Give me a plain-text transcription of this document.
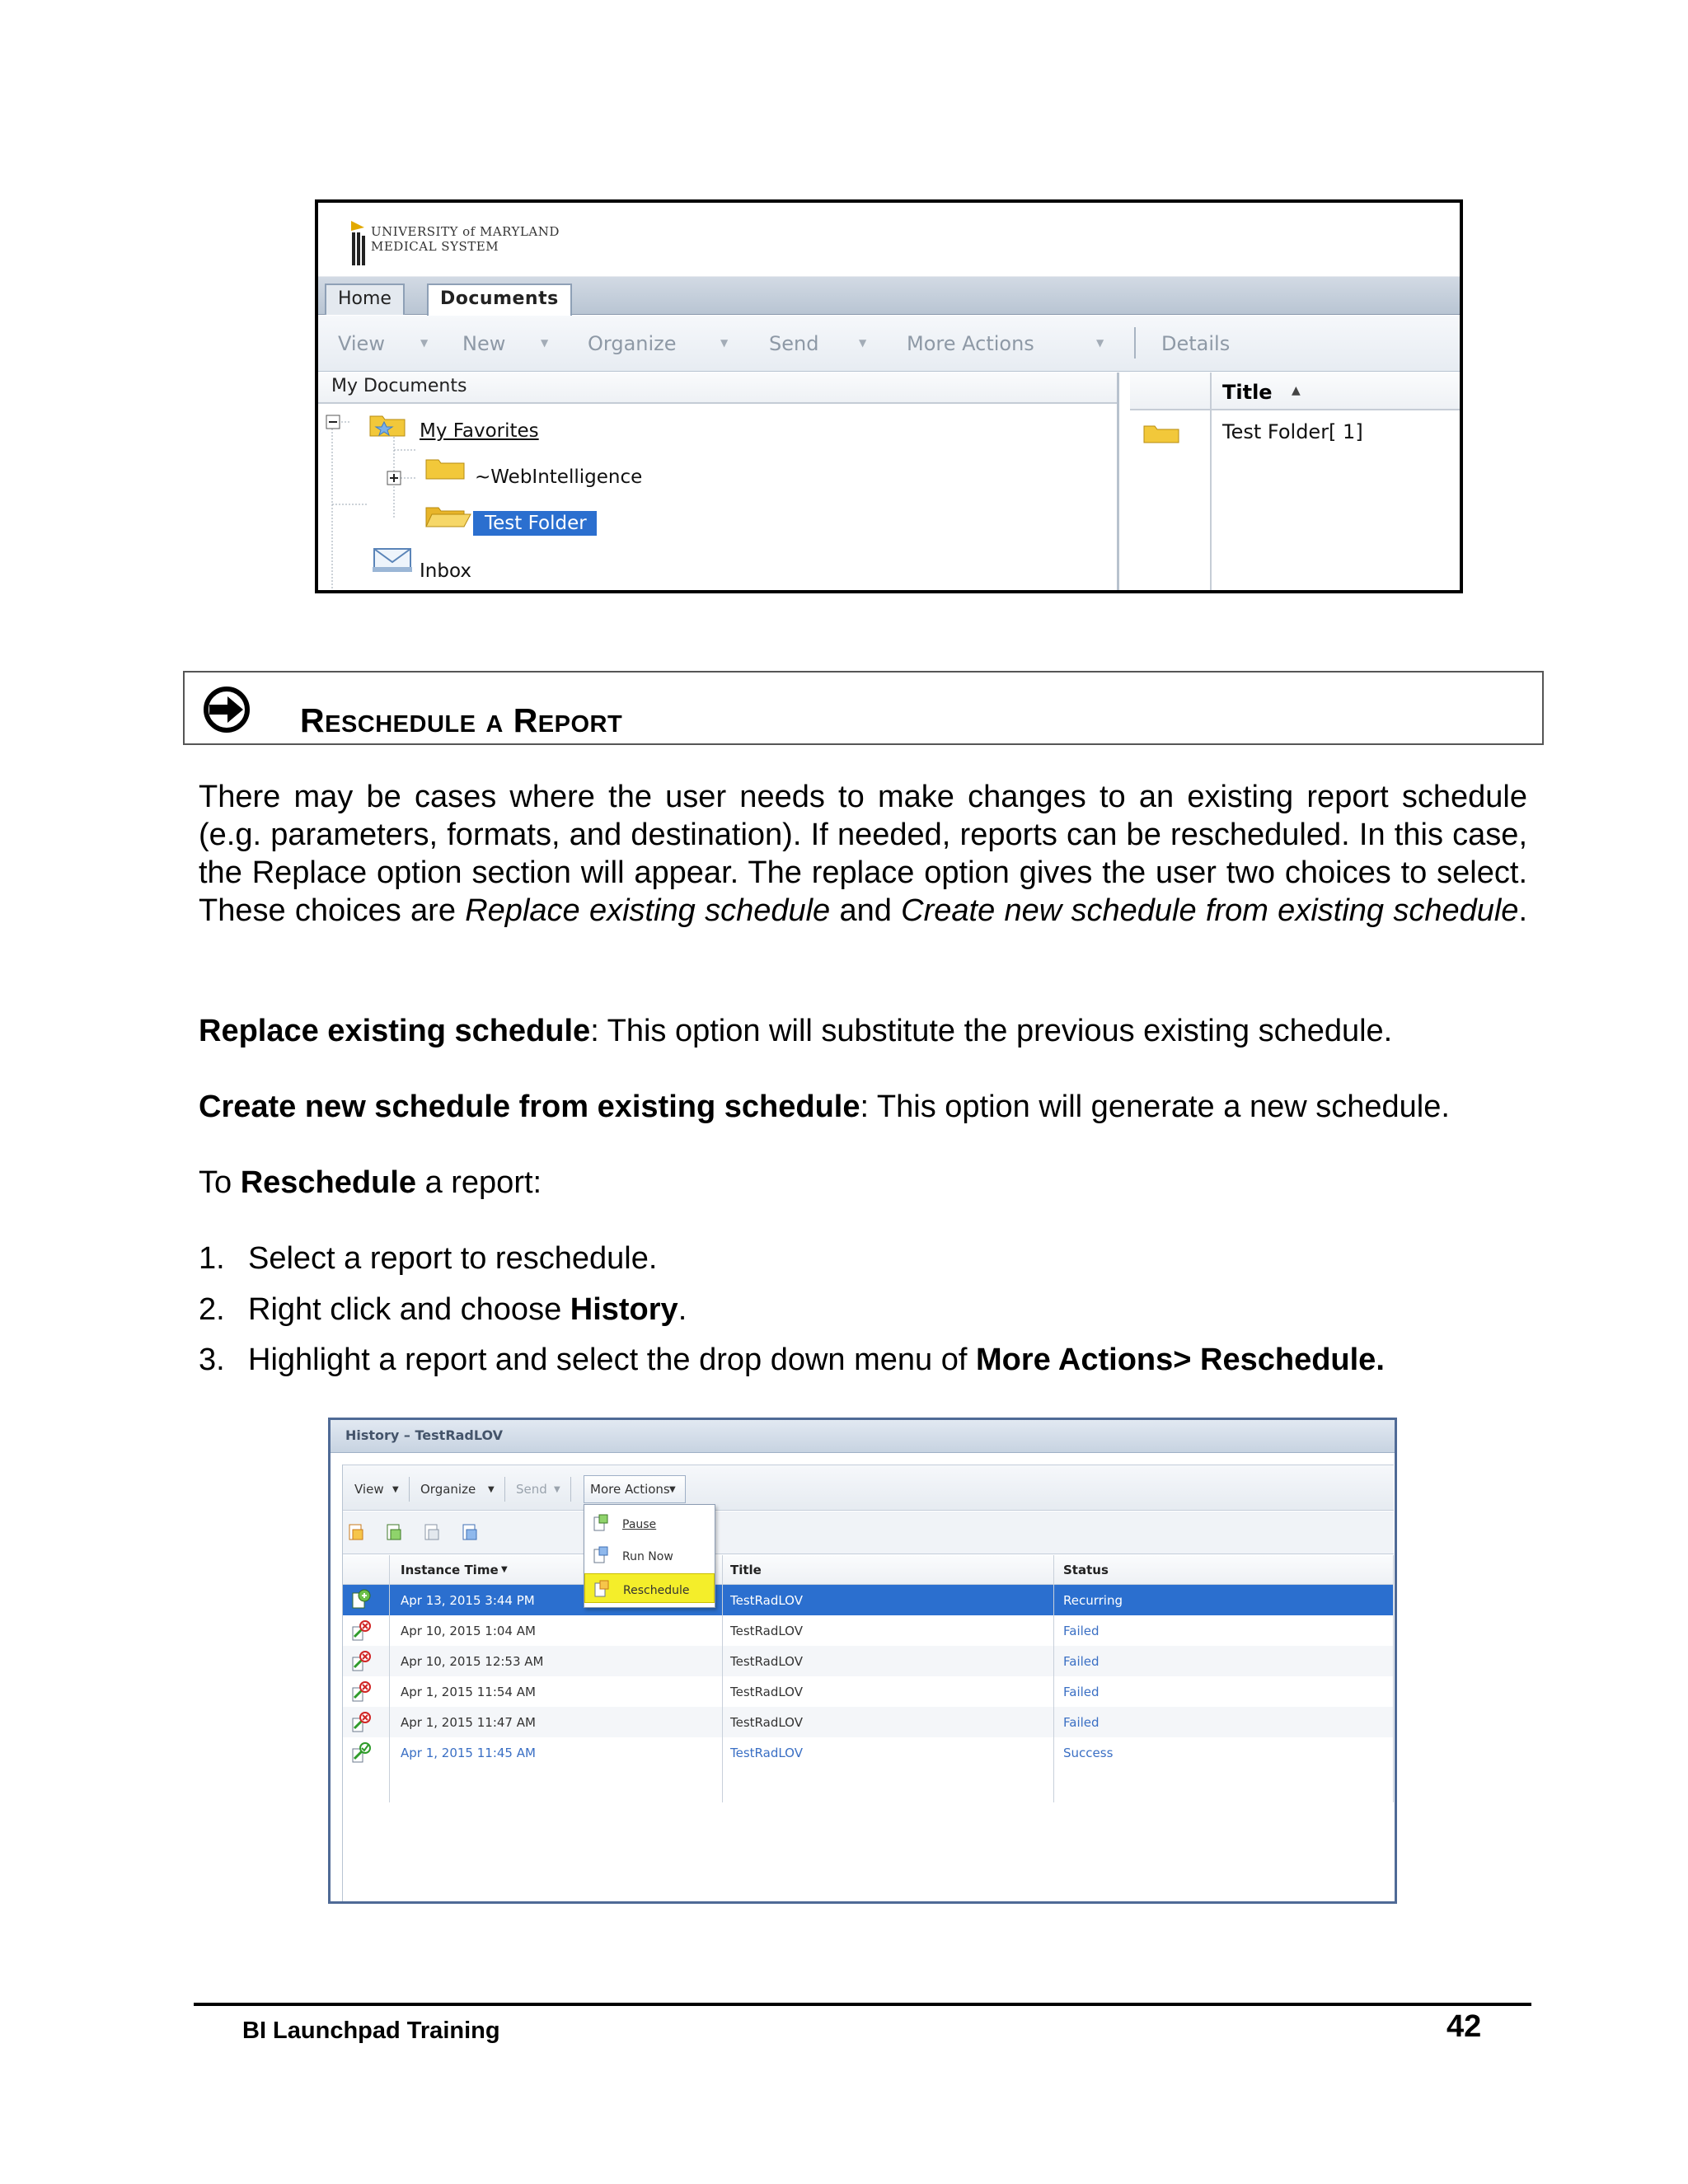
UNIVERSITY of MARYLAND
MEDICAL SYSTEM
Home	Documents
View	▼ New	▼ Organize	▼ Send	▼ More Actions	▼	Details
My Documents
My Favorites
~WebIntelligence
Test Folder
Inbox
Title ▲
Test Folder[ 1]
Reschedule a Report
There may be cases where the user needs to make changes to an existing report schedule (e.g. parameters, formats, and destination). If needed, reports can be rescheduled. In this case, the Replace option section will appear. The replace option gives the user two choices to select. These choices are Replace existing schedule and Create new schedule from existing schedule.
Replace existing schedule: This option will substitute the previous existing schedule.
Create new schedule from existing schedule: This option will generate a new schedule.
To Reschedule a report:
1. Select a report to reschedule.
2. Right click and choose History.
3. Highlight a report and select the drop down menu of More Actions> Reschedule.
History – TestRadLOV
View ▼ Organize ▼ Send ▼ More Actions ▼
Instance Time ▼	Title	Status
Apr 13, 2015 3:44 PM	TestRadLOV	Recurring
Apr 10, 2015 1:04 AM	TestRadLOV	Failed
Apr 10, 2015 12:53 AM	TestRadLOV	Failed
Apr 1, 2015 11:54 AM	TestRadLOV	Failed
Apr 1, 2015 11:47 AM	TestRadLOV	Failed
Apr 1, 2015 11:45 AM	TestRadLOV	Success
Pause
Run Now
Reschedule
BI Launchpad Training	42
